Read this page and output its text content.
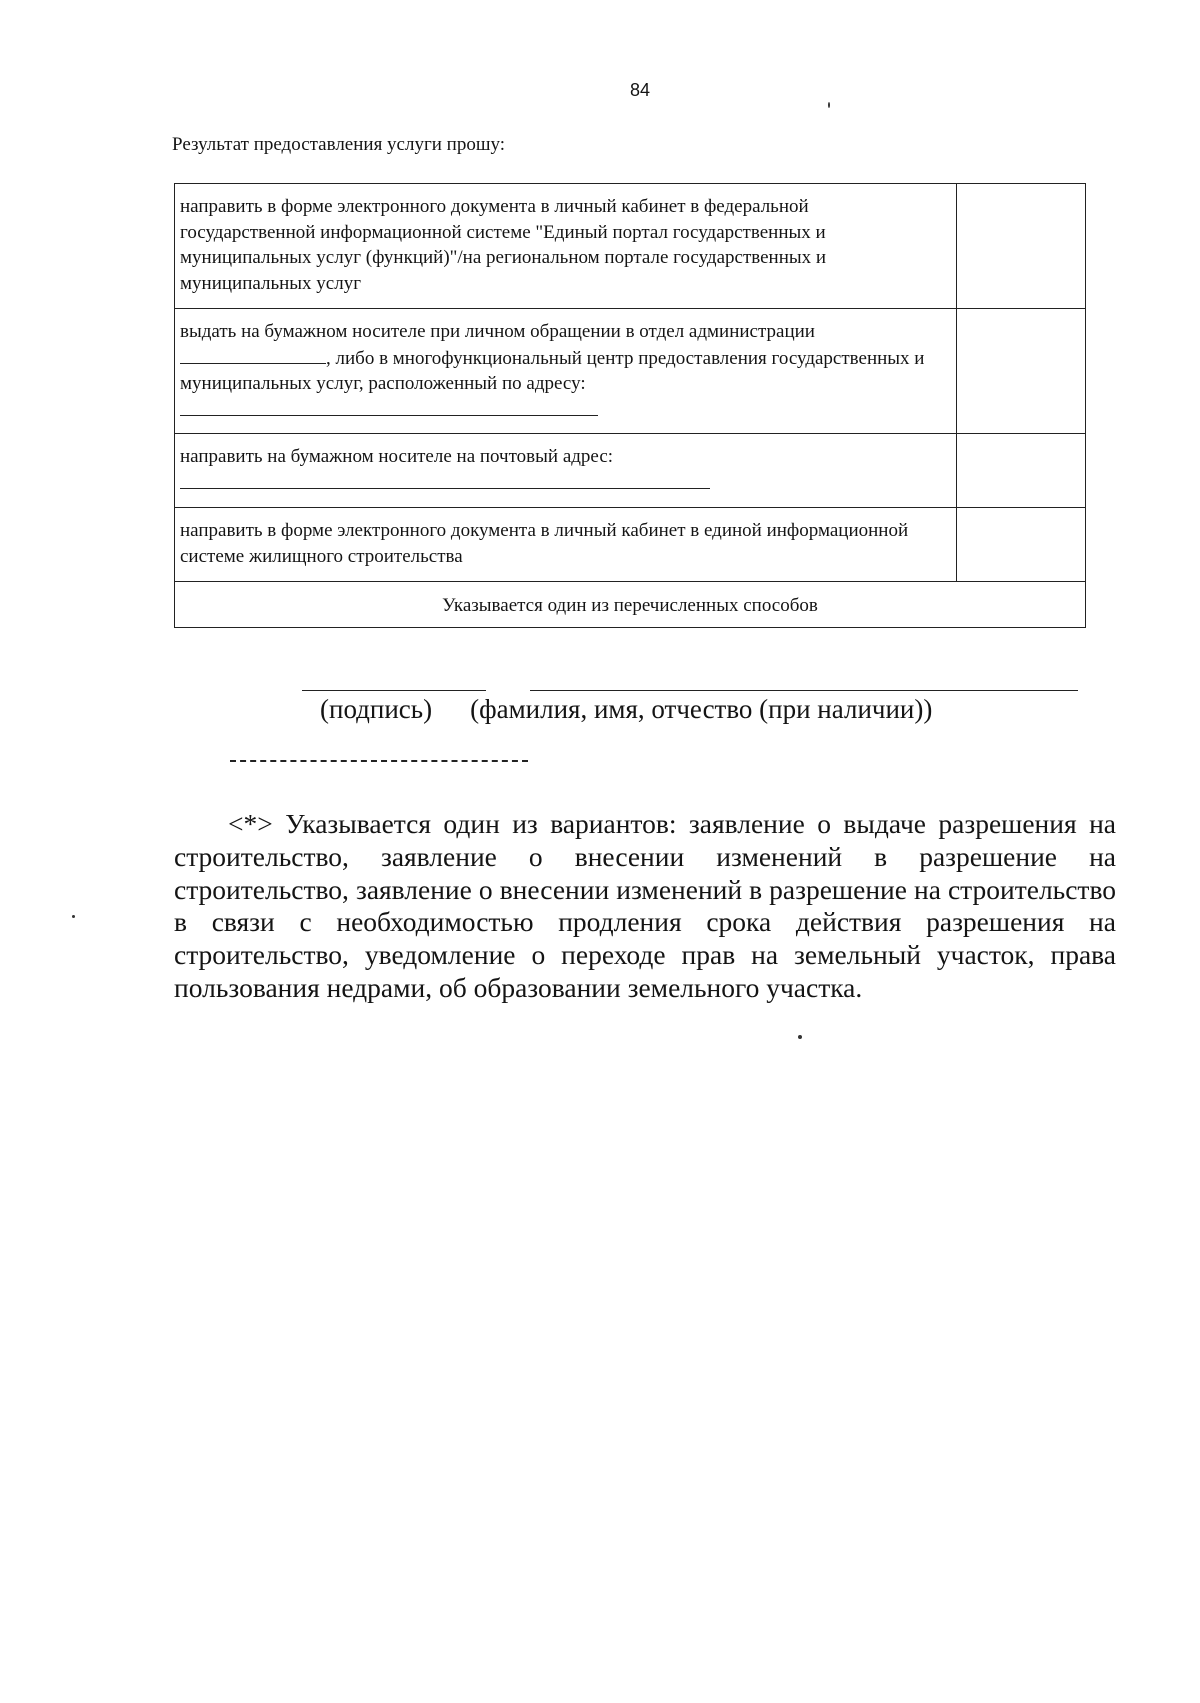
84
Результат предоставления услуги прошу:
направить в форме электронного документа в личный кабинет в федеральной государственной информационной системе "Единый портал государственных и муниципальных услуг (функций)"/на региональном портале государственных и муниципальных услуг	
выдать на бумажном носителе при личном обращении в отдел администрации
, либо в многофункциональный центр предоставления государственных и муниципальных услуг, расположенный по адресу:	
направить на бумажном носителе на почтовый адрес:

направить в форме электронного документа в личный кабинет в единой информационной системе жилищного строительства	
Указывается один из перечисленных способов	
(подпись) (фамилия, имя, отчество (при наличии))
<*> Указывается один из вариантов: заявление о выдаче разрешения на строительство, заявление о внесении изменений в разрешение на строительство, заявление о внесении изменений в разрешение на строительство в связи с необходимостью продления срока действия разрешения на строительство, уведомление о переходе прав на земельный участок, права пользования недрами, об образовании земельного участка.
